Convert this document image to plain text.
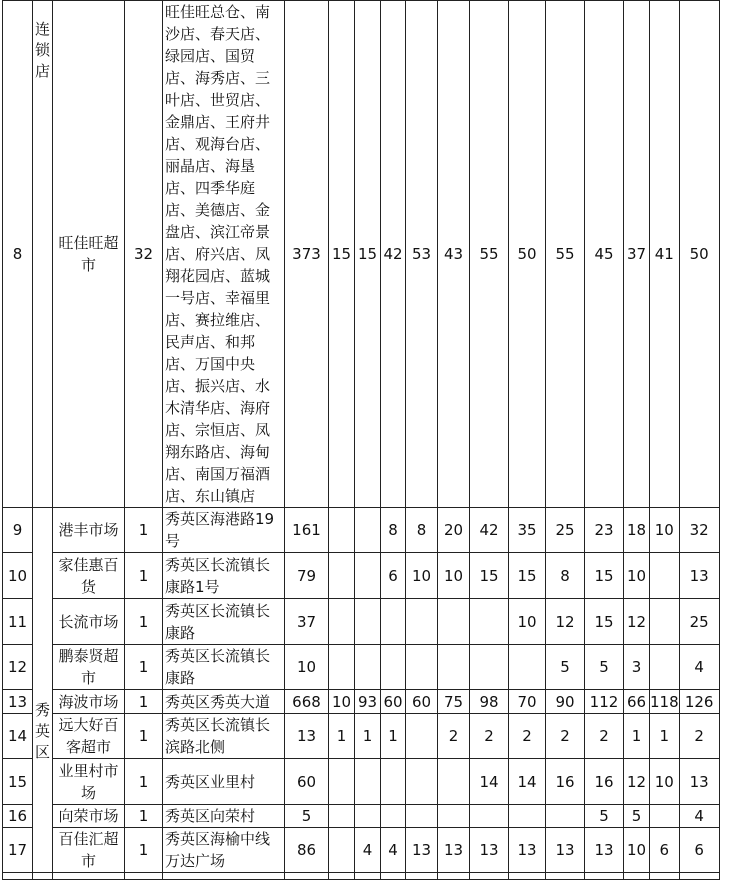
8	连锁店	旺佳旺超市	32	旺佳旺总仓、南沙店、春天店、绿园店、国贸店、海秀店、三叶店、世贸店、金鼎店、王府井店、观海台店、丽晶店、海垦店、四季华庭店、美德店、金盘店、滨江帝景店、府兴店、凤翔花园店、蓝城一号店、幸福里店、赛拉维店、民声店、和邦店、万国中央店、振兴店、水木清华店、海府店、宗恒店、凤翔东路店、海甸店、南国万福酒店、东山镇店	373	15	15	42	53	43	55	50	55	45	37	41	50
9	秀英区	港丰市场	1	秀英区海港路19号	161			8	8	20	42	35	25	23	18	10	32
10		家佳惠百货	1	秀英区长流镇长康路1号	79			6	10	10	15	15	8	15	10		13
11		长流市场	1	秀英区长流镇长康路	37							10	12	15	12		25
12		鹏泰贤超市	1	秀英区长流镇长康路	10								5	5	3		4
13		海波市场	1	秀英区秀英大道	668	10	93	60	60	75	98	70	90	112	66	118	126
14		远大好百客超市	1	秀英区长流镇长滨路北侧	13	1	1	1		2	2	2	2	2	1	1	2
15		业里村市场	1	秀英区业里村	60						14	14	16	16	12	10	13
16		向荣市场	1	秀英区向荣村	5									5	5		4
17		百佳汇超市	1	秀英区海榆中线万达广场	86		4	4	13	13	13	13	13	13	10	6	6
